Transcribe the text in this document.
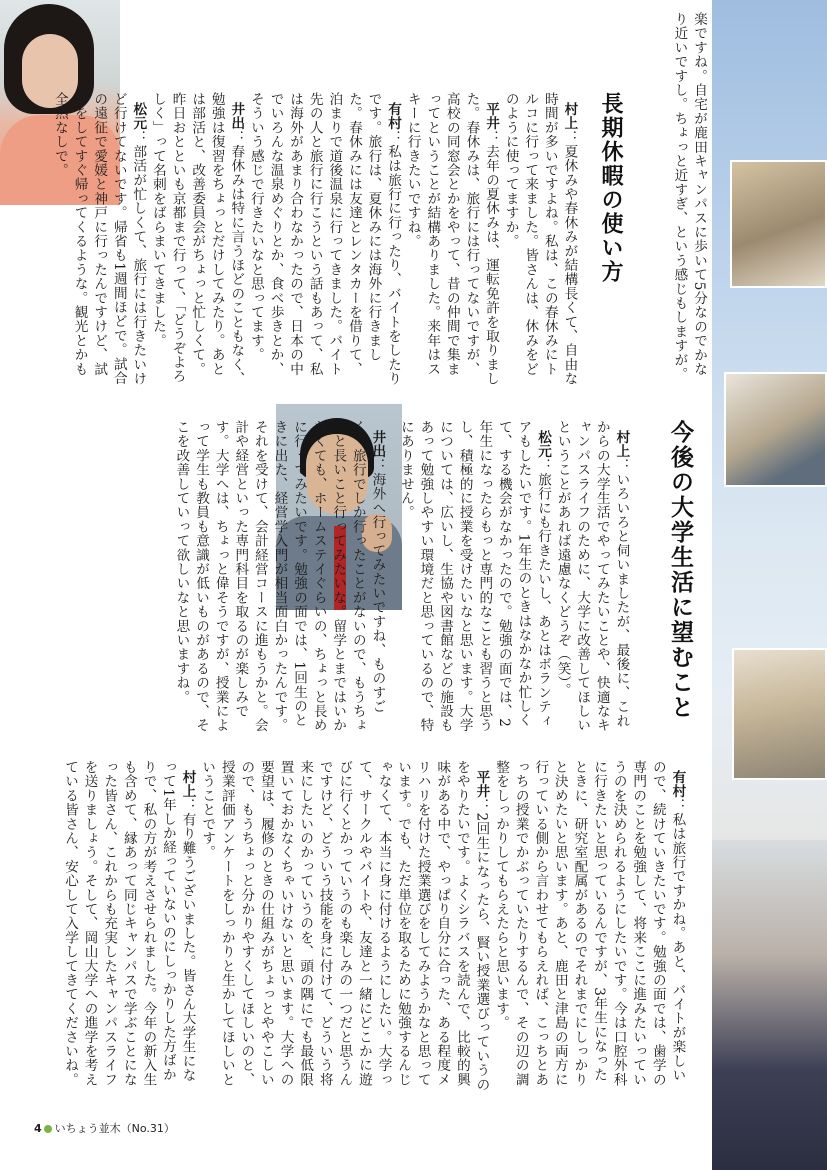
楽ですね。自宅が鹿田キャンパスに歩いて5分なのでかなり近いですし。ちょっと近すぎ、という感じもしますが。
長期休暇の使い方

村上：夏休みや春休みが結構長くて、自由な時間が多いですよね。私は、この春休みにトルコに行って来ました。皆さんは、休みをどのように使ってますか。
平井：去年の夏休みは、運転免許を取りました。春休みは、旅行には行ってないですが、高校の同窓会とかをやって、昔の仲間で集まってということが結構ありました。来年はスキーに行きたいですね。
有村：私は旅行に行ったり、バイトをしたりです。旅行は、夏休みには海外に行きました。春休みには友達とレンタカーを借りて、泊まりで道後温泉に行ってきました。バイト先の人と旅行に行こうという話もあって、私は海外があまり合わなかったので、日本の中でいろんな温泉めぐりとか、食べ歩きとか、そういう感じで行きたいなと思ってます。
井出：春休みは特に言うほどのこともなく、勉強は復習をちょっとだけしてみたり。あとは部活と、改善委員会がちょっと忙しくて。昨日おとといも京都まで行って、「どうぞよろしく」って名刺をばらまいてきました。
松元：部活が忙しくて、旅行には行きたいけど行けてないです。帰省も1週間ほどで。試合の遠征で愛媛と神戸に行ったんですけど、試合をしてすぐ帰ってくるような。観光とかも全然なしで。

今後の大学生活に望むこと

村上：いろいろと伺いましたが、最後に、これからの大学生活でやってみたいことや、快適なキャンパスライフのために、大学に改善してほしいということがあれば遠慮なくどうぞ（笑）。
松元：旅行にも行きたいし、あとはボランティアもしたいです。1年生のときはなかなか忙しくて、する機会がなかったので。勉強の面では、2年生になったらもっと専門的なことも習うと思うし、積極的に授業を受けたいなと思います。大学については、広いし、生協や図書館などの施設もあって勉強しやすい環境だと思っているので、特にありません。

井出：海外へ行ってみたいですね、ものすごく。旅行でしか行ったことがないので、もうちょっと長いこと行ってみたいな。留学とまではいかなくても、ホームステイぐらいの、ちょっと長めに行ってみたいです。勉強の面では、1回生のときに出た、経営学入門が相当面白かったんです。それを受けて、会計経営コースに進もうかと。会計や経営といった専門科目を取るのが楽しみです。大学へは、ちょっと偉そうですが、授業によって学生も教員も意識が低いものがあるので、そこを改善していって欲しいなと思いますね。

有村：私は旅行ですかね。あと、バイトが楽しいので、続けていきたいです。勉強の面では、歯学の専門のことを勉強して、将来ここに進みたいっていうのを決められるようにしたいです。今は口腔外科に行きたいと思っているんですが、3年生になったときに、研究室配属があるのでそれまでにしっかりと決めたいと思います。あと、鹿田と津島の両方に行っている側から言わせてもらえれば、こっちとあっちの授業でかぶっていたりするんで、その辺の調整をしっかりしてもらえたらと思います。
平井：2回生になったら、賢い授業選びっていうのをやりたいです。よくシラバスを読んで、比較的興味がある中で、やっぱり自分に合った、ある程度メリハリを付けた授業選びをしてみようかなと思っています。でも、ただ単位を取るために勉強するんじゃなくて、本当に身に付けるようにしたい。大学って、サークルやバイトや、友達と一緒にどこかに遊びに行くとかっていうのも楽しみの一つだと思うんですけど、どういう技能を身に付けて、どういう将来にしたいのかっていうのを、頭の隅にでも最低限置いておかなくちゃいけないと思います。大学への要望は、履修のときの仕組みがちょっとややこしいので、もうちょっと分かりやすくしてほしいのと、授業評価アンケートをしっかりと生かしてほしいということです。
村上：有り難うございました。皆さん大学生になって1年しか経っていないのにしっかりした方ばかりで、私の方が考えさせられました。今年の新入生も含めて、縁あって同じキャンパスで学ぶことになった皆さん、これからも充実したキャンパスライフを送りましょう。そして、岡山大学への進学を考えている皆さん、安心して入学してきてくださいね。

4 いちょう並木（No.31）
